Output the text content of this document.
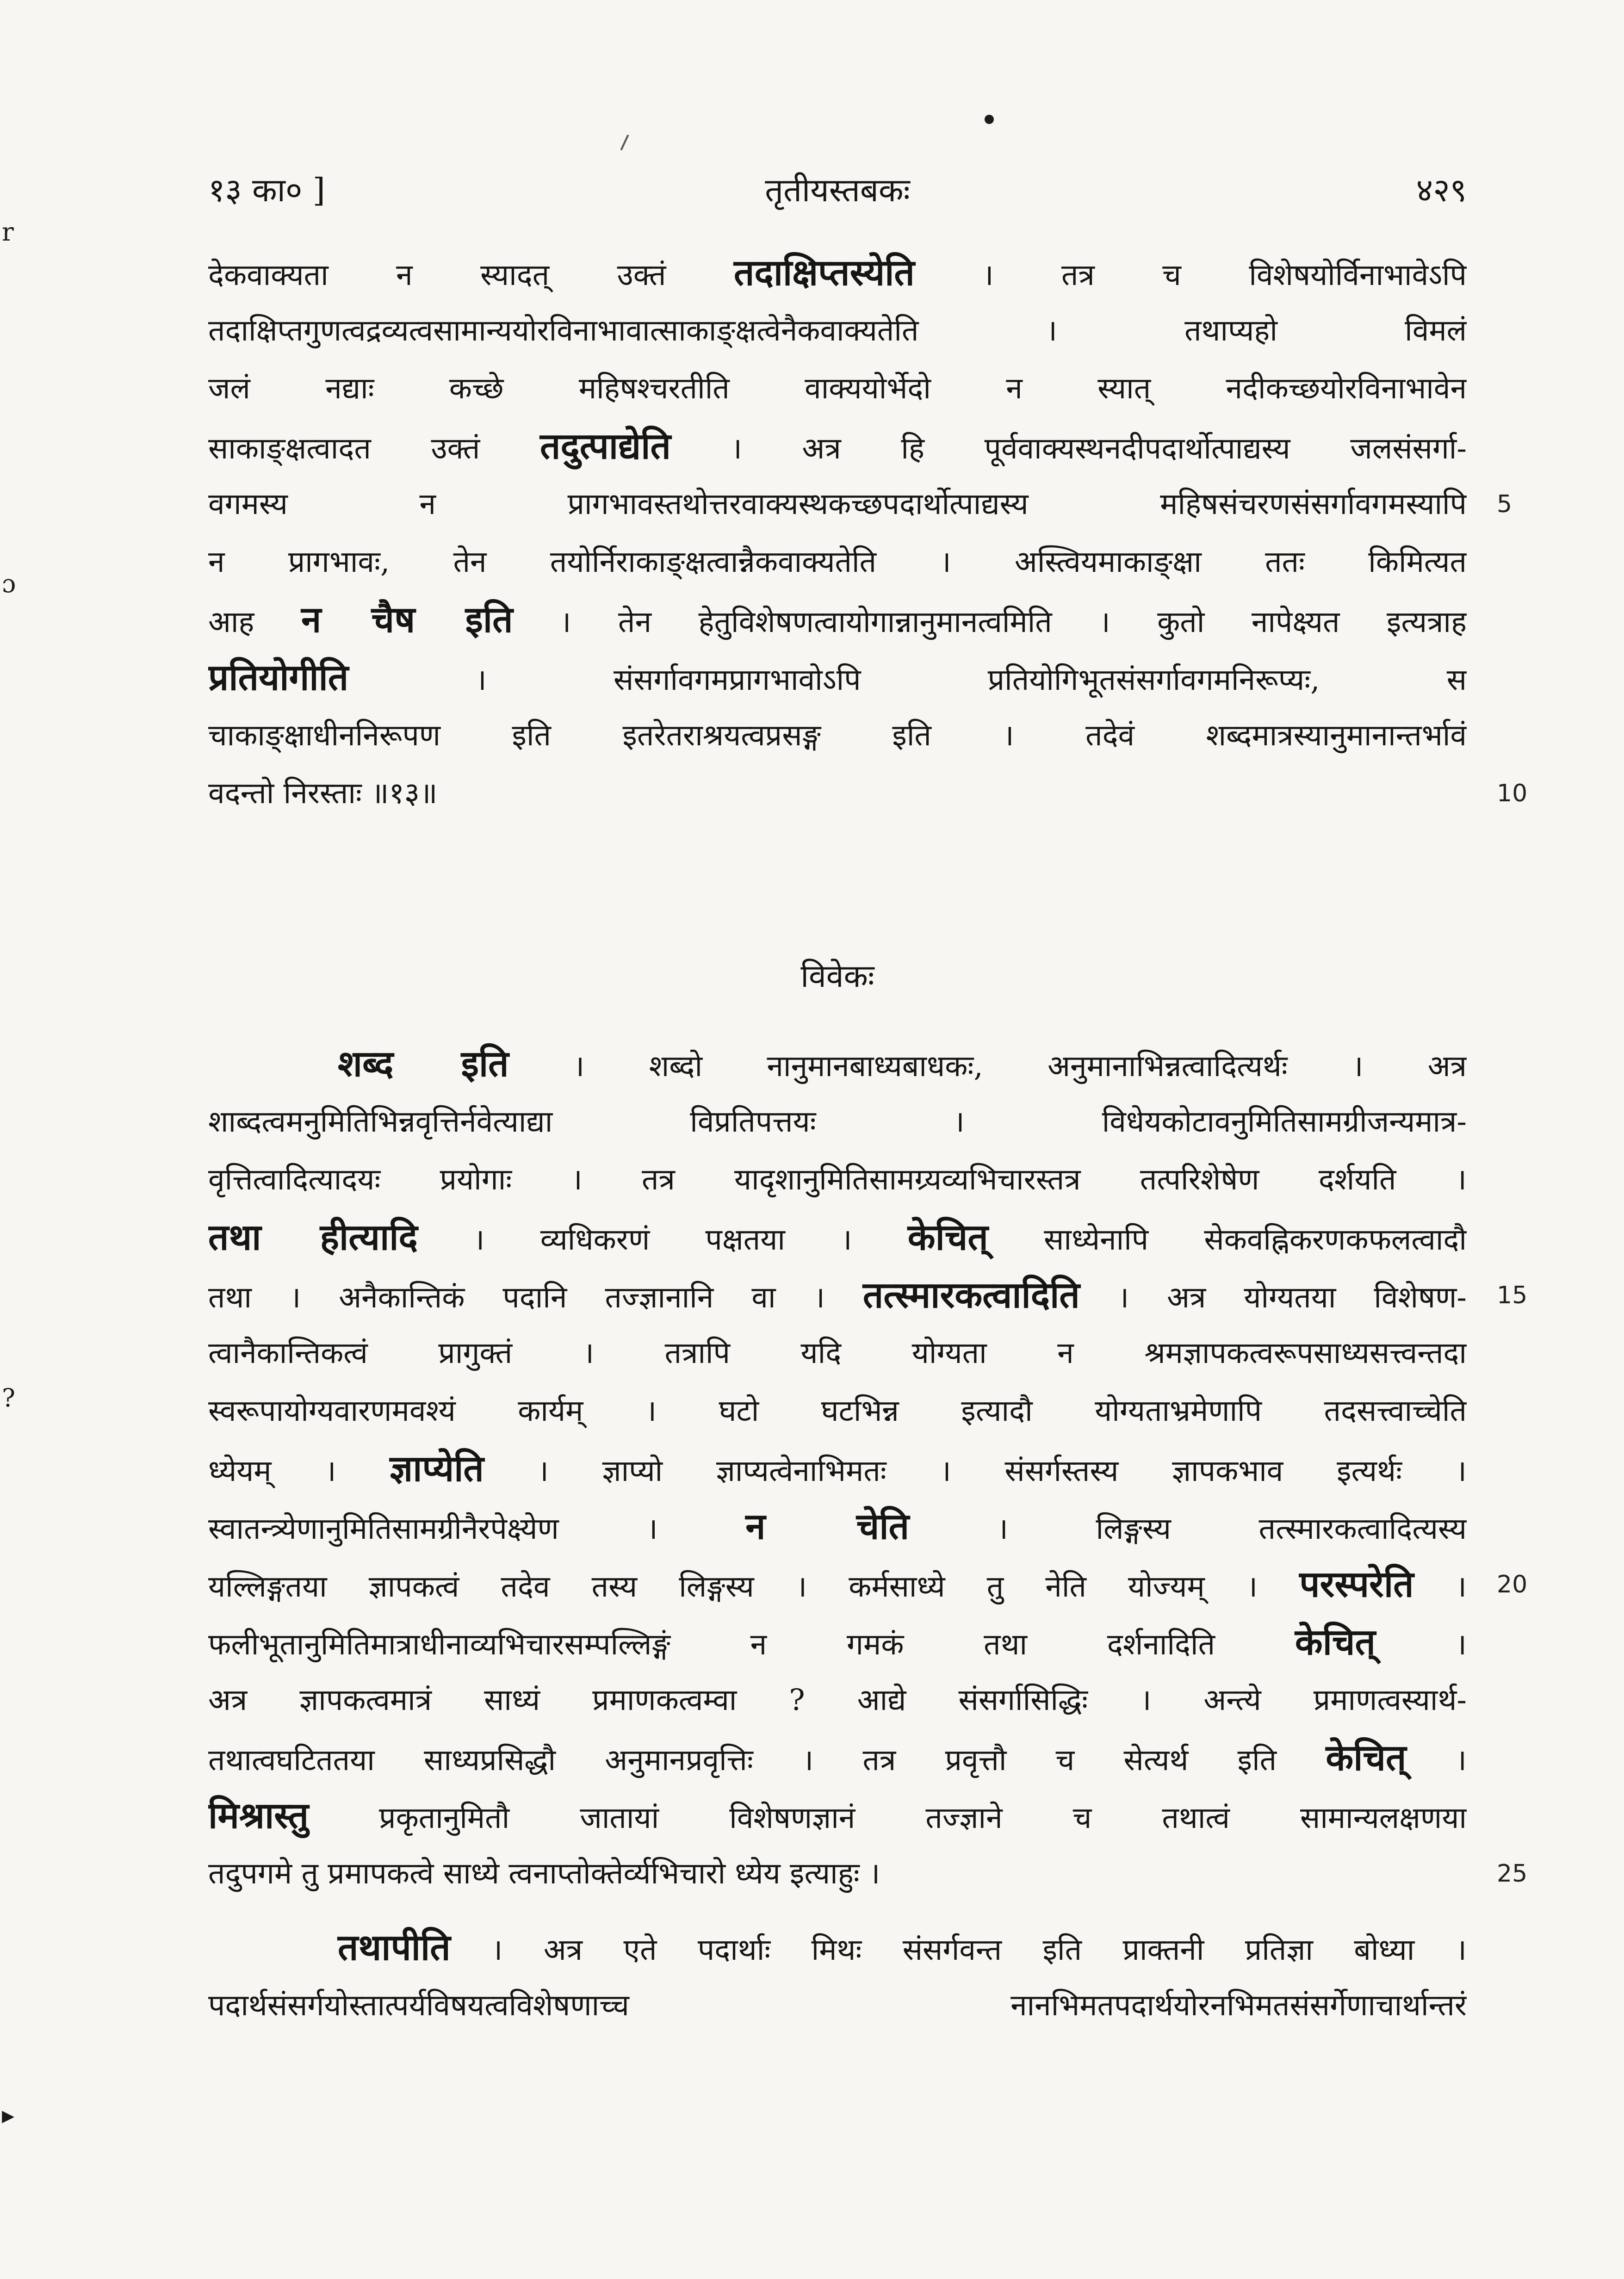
r
ɔ
?
▸
१३ का० ]	तृतीयस्तबकः	४२९
देकवाक्यता न स्यादत् उक्तं तदाक्षिप्तस्येति । तत्र च विशेषयोर्विनाभावेऽपि
तदाक्षिप्तगुणत्वद्रव्यत्वसामान्ययोरविनाभावात्साकाङ्क्षत्वेनैकवाक्यतेति । तथाप्यहो विमलं
जलं नद्याः कच्छे महिषश्चरतीति वाक्ययोर्भेदो न स्यात् नदीकच्छयोरविनाभावेन
साकाङ्क्षत्वादत उक्तं तदुत्पाद्येति । अत्र हि पूर्ववाक्यस्थनदीपदार्थोत्पाद्यस्य जलसंसर्गा-
वगमस्य न प्रागभावस्तथोत्तरवाक्यस्थकच्छपदार्थोत्पाद्यस्य महिषसंचरणसंसर्गावगमस्यापि
न प्रागभावः, तेन तयोर्निराकाङ्क्षत्वान्नैकवाक्यतेति । अस्त्वियमाकाङ्क्षा ततः किमित्यत
आह न चैष इति । तेन हेतुविशेषणत्वायोगान्नानुमानत्वमिति । कुतो नापेक्ष्यत इत्यत्राह
प्रतियोगीति । संसर्गावगमप्रागभावोऽपि प्रतियोगिभूतसंसर्गावगमनिरूप्यः, स
चाकाङ्क्षाधीननिरूपण इति इतरेतराश्रयत्वप्रसङ्ग इति । तदेवं शब्दमात्रस्यानुमानान्तर्भावं
वदन्तो निरस्ताः ॥१३॥
विवेकः
शब्द इति । शब्दो नानुमानबाध्यबाधकः, अनुमानाभिन्नत्वादित्यर्थः । अत्र
शाब्दत्वमनुमितिभिन्नवृत्तिर्नवेत्याद्या विप्रतिपत्तयः । विधेयकोटावनुमितिसामग्रीजन्यमात्र-
वृत्तित्वादित्यादयः प्रयोगाः । तत्र यादृशानुमितिसामग्र्यव्यभिचारस्तत्र तत्परिशेषेण दर्शयति ।
तथा हीत्यादि । व्यधिकरणं पक्षतया । केचित् साध्येनापि सेकवह्निकरणकफलत्वादौ
तथा । अनैकान्तिकं पदानि तज्ज्ञानानि वा । तत्स्मारकत्वादिति । अत्र योग्यतया विशेषण-
त्वानैकान्तिकत्वं प्रागुक्तं । तत्रापि यदि योग्यता न श्रमज्ञापकत्वरूपसाध्यसत्त्वन्तदा
स्वरूपायोग्यवारणमवश्यं कार्यम् । घटो घटभिन्न इत्यादौ योग्यताभ्रमेणापि तदसत्त्वाच्चेति
ध्येयम् । ज्ञाप्येति । ज्ञाप्यो ज्ञाप्यत्वेनाभिमतः । संसर्गस्तस्य ज्ञापकभाव इत्यर्थः ।
स्वातन्त्र्येणानुमितिसामग्रीनैरपेक्ष्येण । न चेति । लिङ्गस्य तत्स्मारकत्वादित्यस्य
यल्लिङ्गतया ज्ञापकत्वं तदेव तस्य लिङ्गस्य । कर्मसाध्ये तु नेति योज्यम् । परस्परेति ।
फलीभूतानुमितिमात्राधीनाव्यभिचारसम्पल्लिङ्गं न गमकं तथा दर्शनादिति केचित् ।
अत्र ज्ञापकत्वमात्रं साध्यं प्रमाणकत्वम्वा ? आद्ये संसर्गासिद्धिः । अन्त्ये प्रमाणत्वस्यार्थ-
तथात्वघटिततया साध्यप्रसिद्धौ अनुमानप्रवृत्तिः । तत्र प्रवृत्तौ च सेत्यर्थ इति केचित् ।
मिश्रास्तु प्रकृतानुमितौ जातायां विशेषणज्ञानं तज्ज्ञाने च तथात्वं सामान्यलक्षणया
तदुपगमे तु प्रमापकत्वे साध्ये त्वनाप्तोक्तेर्व्यभिचारो ध्येय इत्याहुः ।
तथापीति । अत्र एते पदार्थाः मिथः संसर्गवन्त इति प्राक्तनी प्रतिज्ञा बोध्या ।
पदार्थसंसर्गयोस्तात्पर्यविषयत्वविशेषणाच्च नानभिमतपदार्थयोरनभिमतसंसर्गेणाचार्थान्तरं
5
10
15
20
25
